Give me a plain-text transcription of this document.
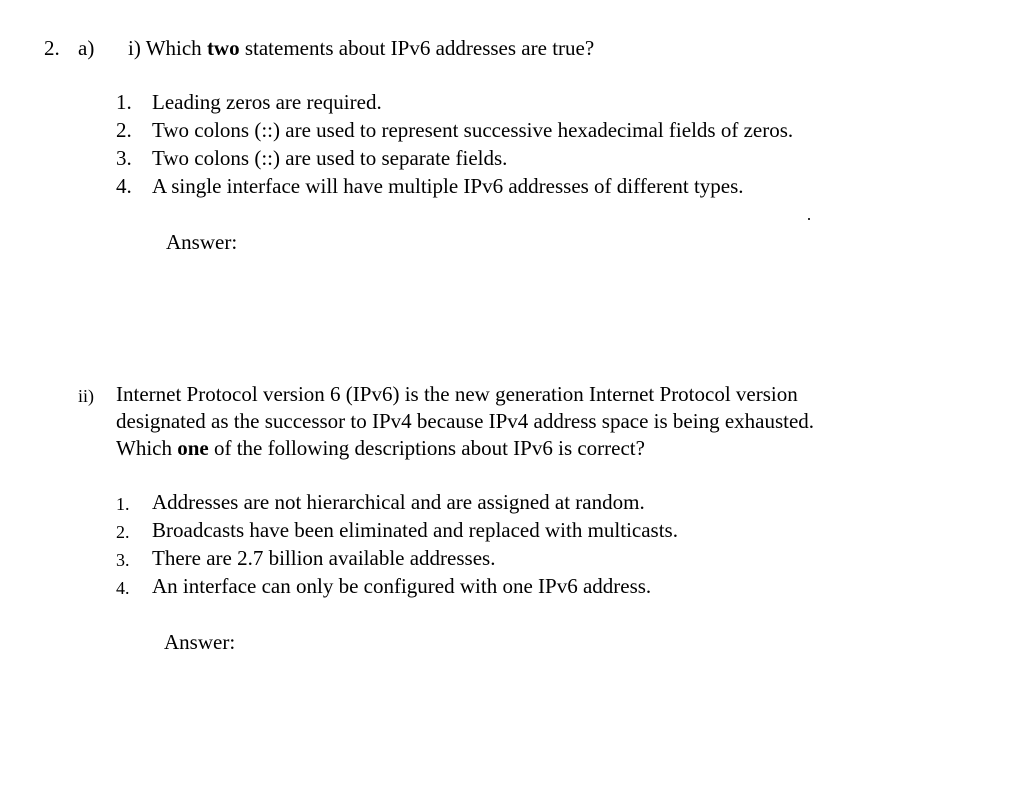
2. a) i) Which two statements about IPv6 addresses are true?
1. Leading zeros are required.
2. Two colons (::) are used to represent successive hexadecimal fields of zeros.
3. Two colons (::) are used to separate fields.
4. A single interface will have multiple IPv6 addresses of different types.
Answer:
ii) Internet Protocol version 6 (IPv6) is the new generation Internet Protocol version
designated as the successor to IPv4 because IPv4 address space is being exhausted.
Which one of the following descriptions about IPv6 is correct?
1. Addresses are not hierarchical and are assigned at random.
2. Broadcasts have been eliminated and replaced with multicasts.
3. There are 2.7 billion available addresses.
4. An interface can only be configured with one IPv6 address.
Answer:
